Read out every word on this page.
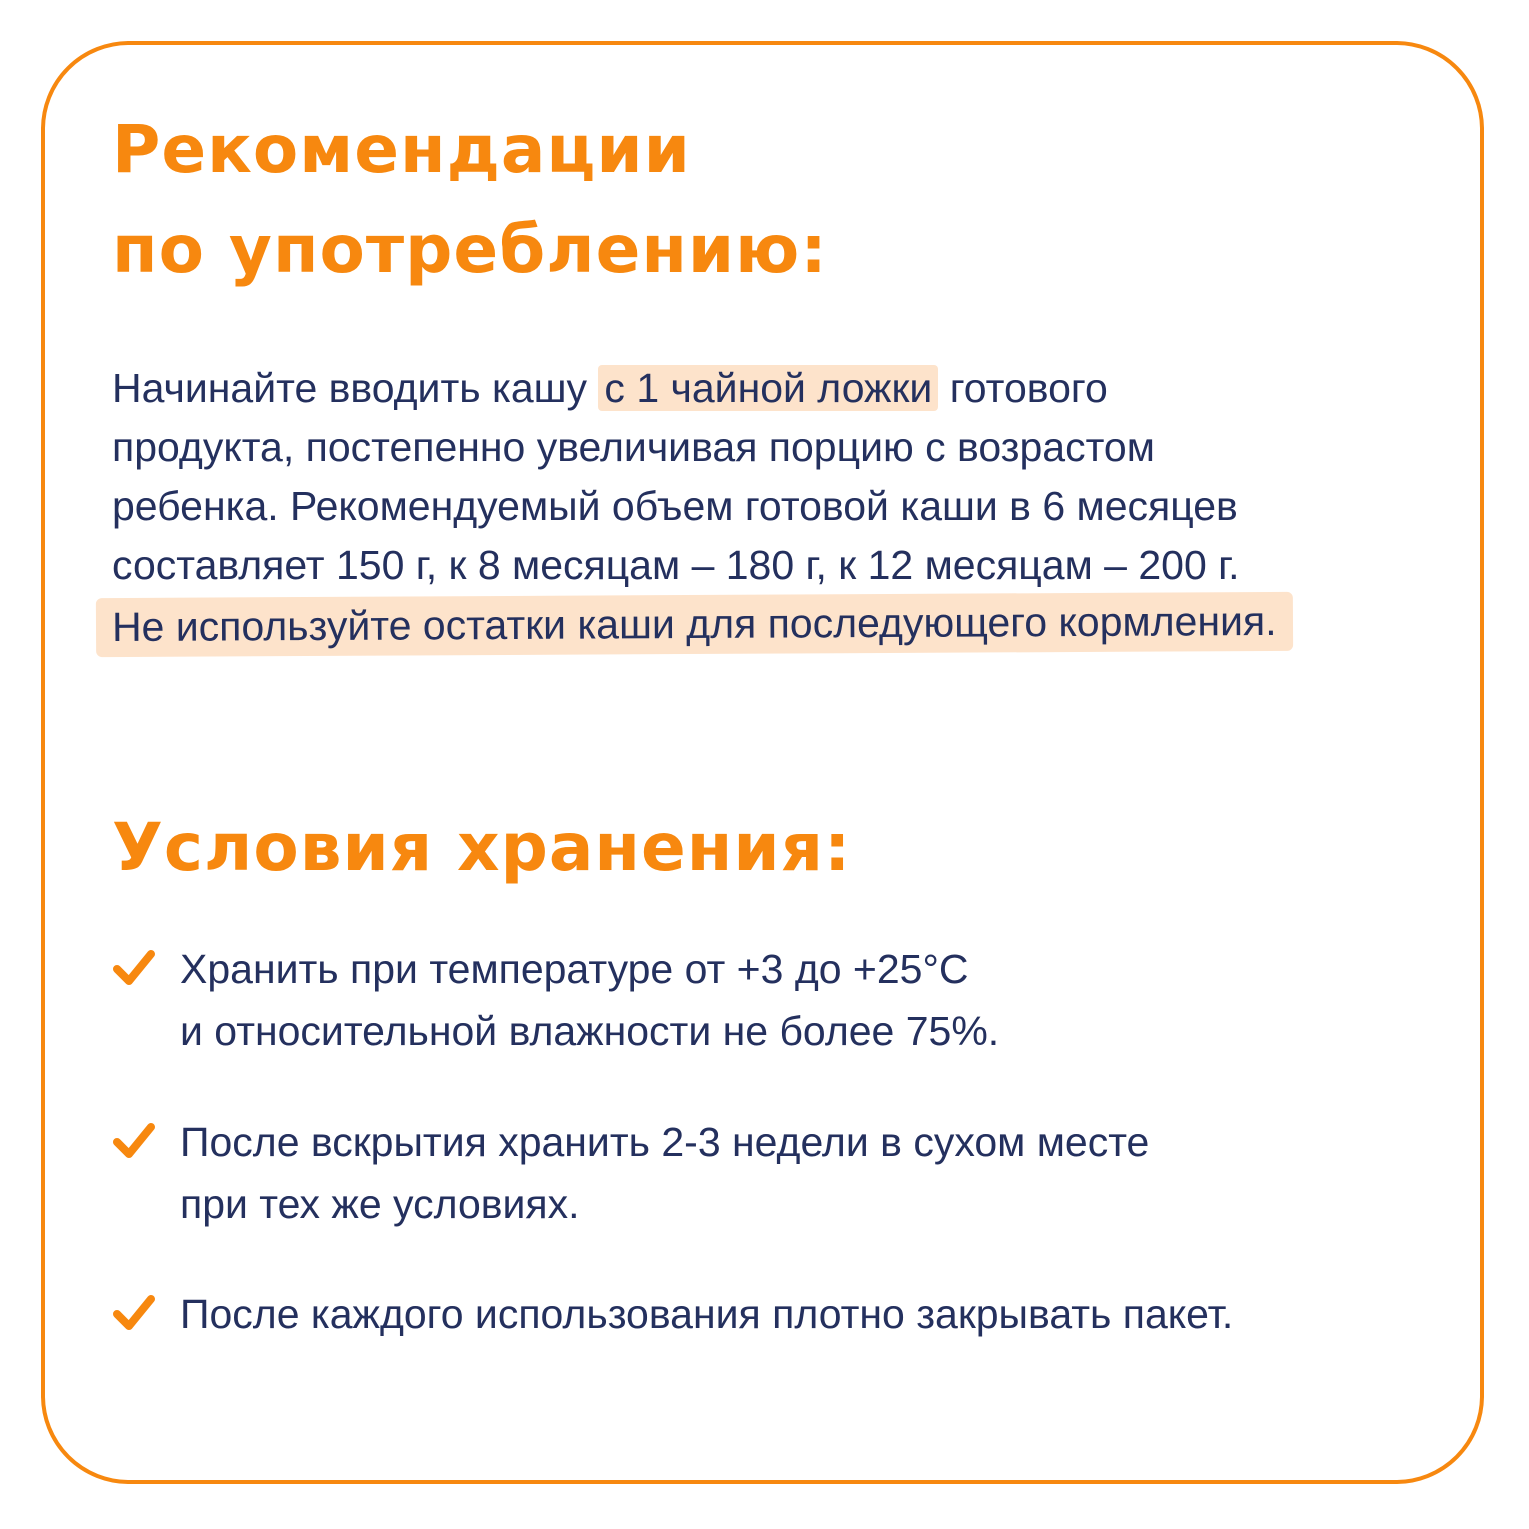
Рекомендации
по употреблению:
Начинайте вводить кашу с 1 чайной ложки готового
продукта, постепенно увеличивая порцию с возрастом
ребенка. Рекомендуемый объем готовой каши в 6 месяцев
составляет 150 г, к 8 месяцам – 180 г, к 12 месяцам – 200 г.
Не используйте остатки каши для последующего кормления.
Условия хранения:
Хранить при температуре от +3 до +25°С
и относительной влажности не более 75%.
После вскрытия хранить 2-3 недели в сухом месте
при тех же условиях.
После каждого использования плотно закрывать пакет.
